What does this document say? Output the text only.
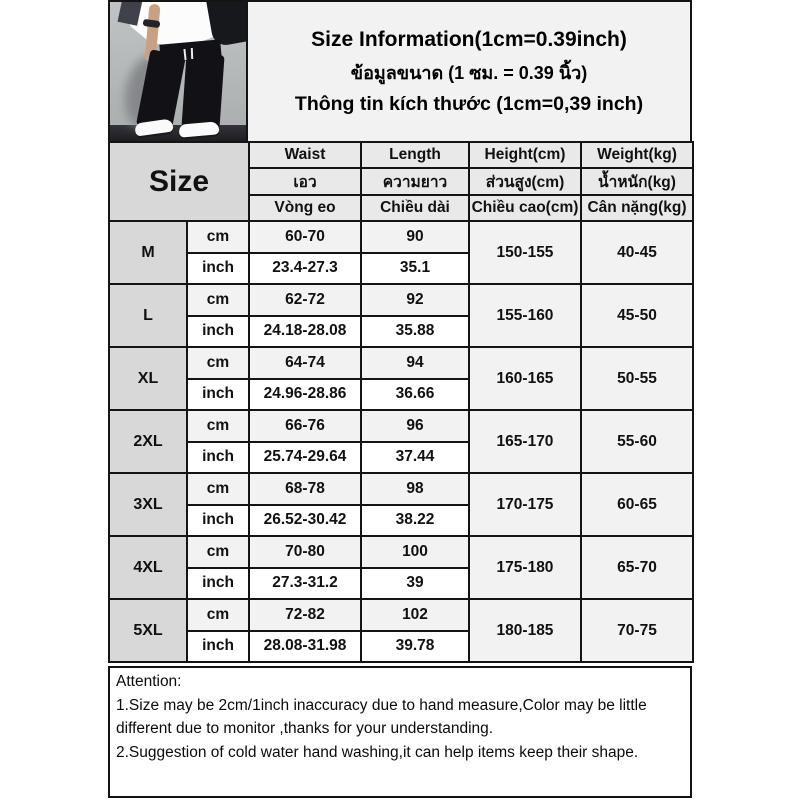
Size Information(1cm=0.39inch)
ข้อมูลขนาด (1 ซม. = 0.39 นิ้ว)
Thông tin kích thước (1cm=0,39 inch)
Size		Waist	Length	Height(cm)	Weight(kg)
		เอว	ความยาว	ส่วนสูง(cm)	น้ำหนัก(kg)
		Vòng eo	Chiều dài	Chiều cao(cm)	Cân nặng(kg)
M	cm	60-70	90	150-155	40-45
	inch	23.4-27.3	35.1		
L	cm	62-72	92	155-160	45-50
	inch	24.18-28.08	35.88		
XL	cm	64-74	94	160-165	50-55
	inch	24.96-28.86	36.66		
2XL	cm	66-76	96	165-170	55-60
	inch	25.74-29.64	37.44		
3XL	cm	68-78	98	170-175	60-65
	inch	26.52-30.42	38.22		
4XL	cm	70-80	100	175-180	65-70
	inch	27.3-31.2	39		
5XL	cm	72-82	102	180-185	70-75
	inch	28.08-31.98	39.78		
Attention:
1.Size may be 2cm/1inch inaccuracy due to hand measure,Color may be little different due to monitor ,thanks for your understanding.
2.Suggestion of cold water hand washing,it can help items keep their shape.
